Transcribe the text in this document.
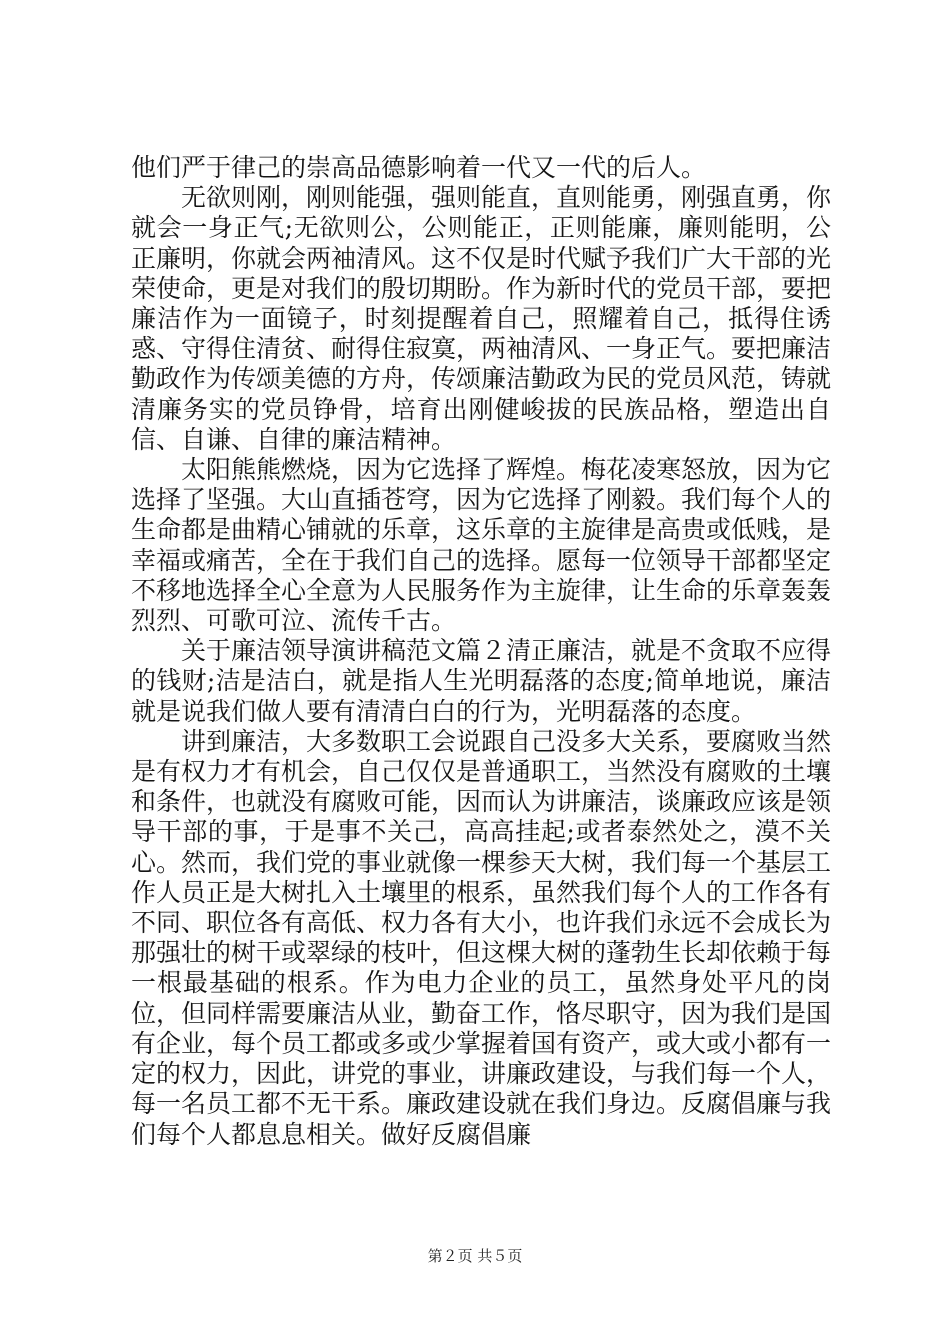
他们严于律己的崇高品德影响着一代又一代的后人。

无欲则刚，刚则能强，强则能直，直则能勇，刚强直勇，你就会一身正气;无欲则公，公则能正，正则能廉，廉则能明，公正廉明，你就会两袖清风。这不仅是时代赋予我们广大干部的光荣使命，更是对我们的殷切期盼。作为新时代的党员干部，要把廉洁作为一面镜子，时刻提醒着自己，照耀着自己，抵得住诱惑、守得住清贫、耐得住寂寞，两袖清风、一身正气。要把廉洁勤政作为传颂美德的方舟，传颂廉洁勤政为民的党员风范，铸就清廉务实的党员铮骨，培育出刚健峻拔的民族品格，塑造出自信、自谦、自律的廉洁精神。

太阳熊熊燃烧，因为它选择了辉煌。梅花凌寒怒放，因为它选择了坚强。大山直插苍穹，因为它选择了刚毅。我们每个人的生命都是曲精心铺就的乐章，这乐章的主旋律是高贵或低贱，是幸福或痛苦，全在于我们自己的选择。愿每一位领导干部都坚定不移地选择全心全意为人民服务作为主旋律，让生命的乐章轰轰烈烈、可歌可泣、流传千古。

关于廉洁领导演讲稿范文篇２清正廉洁，就是不贪取不应得的钱财;洁是洁白，就是指人生光明磊落的态度;简单地说，廉洁就是说我们做人要有清清白白的行为，光明磊落的态度。

讲到廉洁，大多数职工会说跟自己没多大关系，要腐败当然是有权力才有机会，自己仅仅是普通职工，当然没有腐败的土壤和条件，也就没有腐败可能，因而认为讲廉洁，谈廉政应该是领导干部的事，于是事不关己，高高挂起;或者泰然处之，漠不关心。然而，我们党的事业就像一棵参天大树，我们每一个基层工作人员正是大树扎入土壤里的根系，虽然我们每个人的工作各有不同、职位各有高低、权力各有大小，也许我们永远不会成长为那强壮的树干或翠绿的枝叶，但这棵大树的蓬勃生长却依赖于每一根最基础的根系。作为电力企业的员工，虽然身处平凡的岗位，但同样需要廉洁从业，勤奋工作，恪尽职守，因为我们是国有企业，每个员工都或多或少掌握着国有资产，或大或小都有一定的权力，因此，讲党的事业，讲廉政建设，与我们每一个人，每一名员工都不无干系。廉政建设就在我们身边。反腐倡廉与我们每个人都息息相关。做好反腐倡廉

第２页 共５页
